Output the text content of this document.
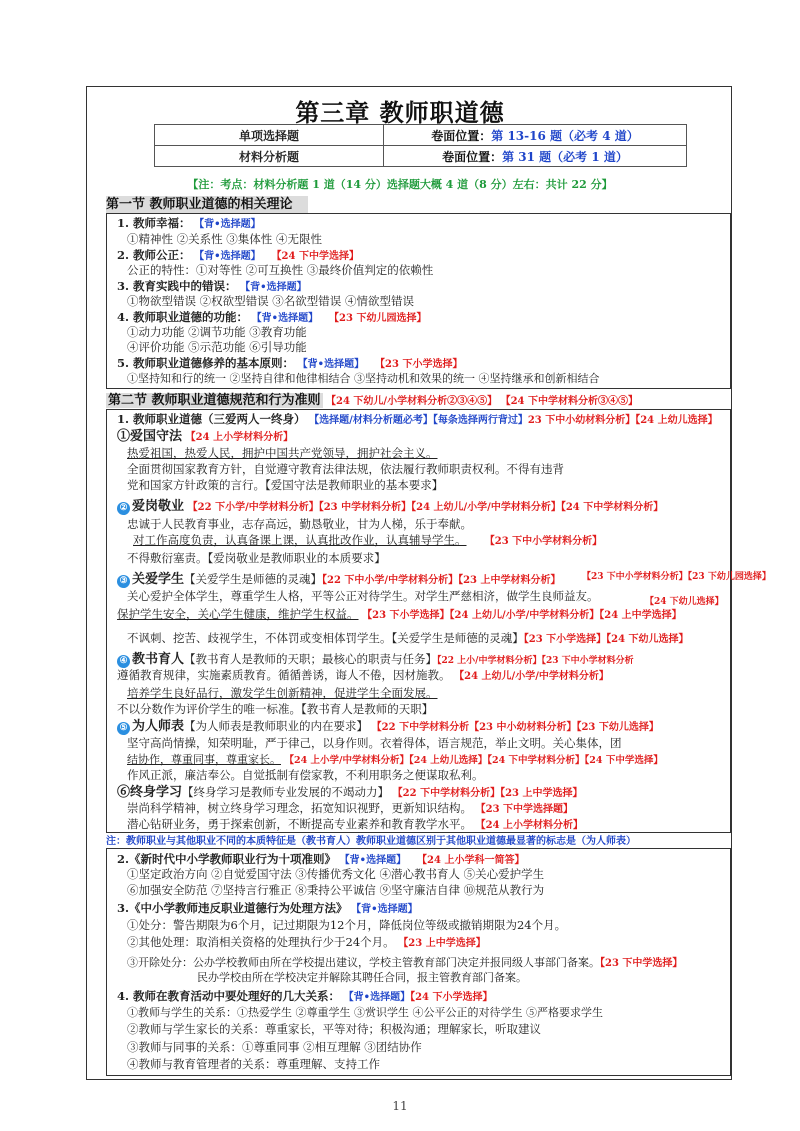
第三章 教师职道德
单项选择题	卷面位置：第 13-16 题（必考 4 道）
材料分析题	卷面位置：第 31 题（必考 1 道）
【注：考点：材料分析题 1 道（14 分）选择题大概 4 道（8 分）左右：共计 22 分】
第一节 教师职业道德的相关理论
1. 教师幸福： 【背•选择题】
①精神性 ②关系性 ③集体性 ④无限性
2. 教师公正： 【背•选择题】 【24 下中学选择】
公正的特性：①对等性 ②可互换性 ③最终价值判定的依赖性
3. 教育实践中的错误： 【背•选择题】
①物欲型错误 ②权欲型错误 ③名欲型错误 ④情欲型错误
4. 教师职业道德的功能： 【背•选择题】 【23 下幼儿园选择】
①动力功能 ②调节功能 ③教育功能
④评价功能 ⑤示范功能 ⑥引导功能
5. 教师职业道德修养的基本原则： 【背•选择题】 【23 下小学选择】
①坚持知和行的统一 ②坚持自律和他律相结合 ③坚持动机和效果的统一 ④坚持继承和创新相结合
第二节 教师职业道德规范和行为准则 【24 下幼儿/小学材料分析②③④⑤】 【24 下中学材料分析③④⑤】
1. 教师职业道德（三爱两人一终身） 【选择题/材料分析题必考】【每条选择两行背过】23 下中小幼材料分析】【24 上幼儿选择】
①爱国守法 【24 上小学材料分析】
热爱祖国，热爱人民，拥护中国共产党领导，拥护社会主义。
全面贯彻国家教育方针，自觉遵守教育法律法规，依法履行教师职责权利。不得有违背
党和国家方针政策的言行。【爱国守法是教师职业的基本要求】
② 爱岗敬业 【22 下小学/中学材料分析】【23 中学材料分析】【24 上幼儿/小学/中学材料分析】【24 下中学材料分析】
忠诚于人民教育事业，志存高远，勤恳敬业，甘为人梯，乐于奉献。
对工作高度负责，认真备课上课，认真批改作业，认真辅导学生。 【23 下中小学材料分析】
不得敷衍塞责。【爱岗敬业是教师职业的本质要求】
③ 关爱学生【关爱学生是师德的灵魂】【22 下中小学/中学材料分析】【23 上中学材料分析】 【23 下中小学材料分析】【23 下幼儿园选择】
【24 下幼儿选择】
关心爱护全体学生，尊重学生人格，平等公正对待学生。对学生严慈相济，做学生良师益友。
保护学生安全，关心学生健康，维护学生权益。 【23 下小学选择】【24 上幼儿/小学/中学材料分析】【24 上中学选择】
不讽刺、挖苦、歧视学生，不体罚或变相体罚学生。【关爱学生是师德的灵魂】【23 下小学选择】【24 下幼儿选择】
④ 教书育人【教书育人是教师的天职；最核心的职责与任务】【22 上小/中学材料分析】【23 下中小学材料分析
遵循教育规律，实施素质教育。循循善诱，诲人不倦，因材施教。 【24 上幼儿/小学/中学材料分析】
培养学生良好品行，激发学生创新精神，促进学生全面发展。
不以分数作为评价学生的唯一标准。【教书育人是教师的天职】
⑤ 为人师表【为人师表是教师职业的内在要求】 【22 下中学材料分析【23 中小幼材料分析】【23 下幼儿选择】
坚守高尚情操，知荣明耻，严于律己，以身作则。衣着得体，语言规范，举止文明。关心集体，团
结协作，尊重同事，尊重家长。 【24 上小学/中学材料分析】【24 上幼儿选择】【24 下中学材料分析】【24 下中学选择】
作风正派，廉洁奉公。自觉抵制有偿家教，不利用职务之便谋取私利。
⑥终身学习【终身学习是教师专业发展的不竭动力】 【22 下中学材料分析】【23 上中学选择】
崇尚科学精神，树立终身学习理念，拓宽知识视野，更新知识结构。 【23 下中学选择题】
潜心钻研业务，勇于探索创新，不断提高专业素养和教育教学水平。 【24 上小学材料分析】
注：教师职业与其他职业不同的本质特征是（教书育人）教师职业道德区别于其他职业道德最显著的标志是（为人师表）
2.《新时代中小学教师职业行为十项准则》 【背•选择题】 【24 上小学科一简答】
①坚定政治方向 ②自觉爱国守法 ③传播优秀文化 ④潜心教书育人 ⑤关心爱护学生
⑥加强安全防范 ⑦坚持言行雅正 ⑧秉持公平诚信 ⑨坚守廉洁自律 ⑩规范从教行为
3.《中小学教师违反职业道德行为处理方法》 【背•选择题】
①处分：警告期限为6个月，记过期限为12个月，降低岗位等级或撤销期限为24个月。
②其他处理：取消相关资格的处理执行少于24个月。 【23 上中学选择】
③开除处分：公办学校教师由所在学校提出建议，学校主管教育部门决定并报同级人事部门备案。【23 下中学选择】
民办学校由所在学校决定并解除其聘任合同，报主管教育部门备案。
4. 教师在教育活动中要处理好的几大关系： 【背•选择题】【24 下小学选择】
①教师与学生的关系：①热爱学生 ②尊重学生 ③赏识学生 ④公平公正的对待学生 ⑤严格要求学生
②教师与学生家长的关系：尊重家长，平等对待；积极沟通；理解家长，听取建议
③教师与同事的关系：①尊重同事 ②相互理解 ③团结协作
④教师与教育管理者的关系：尊重理解、支持工作
11
